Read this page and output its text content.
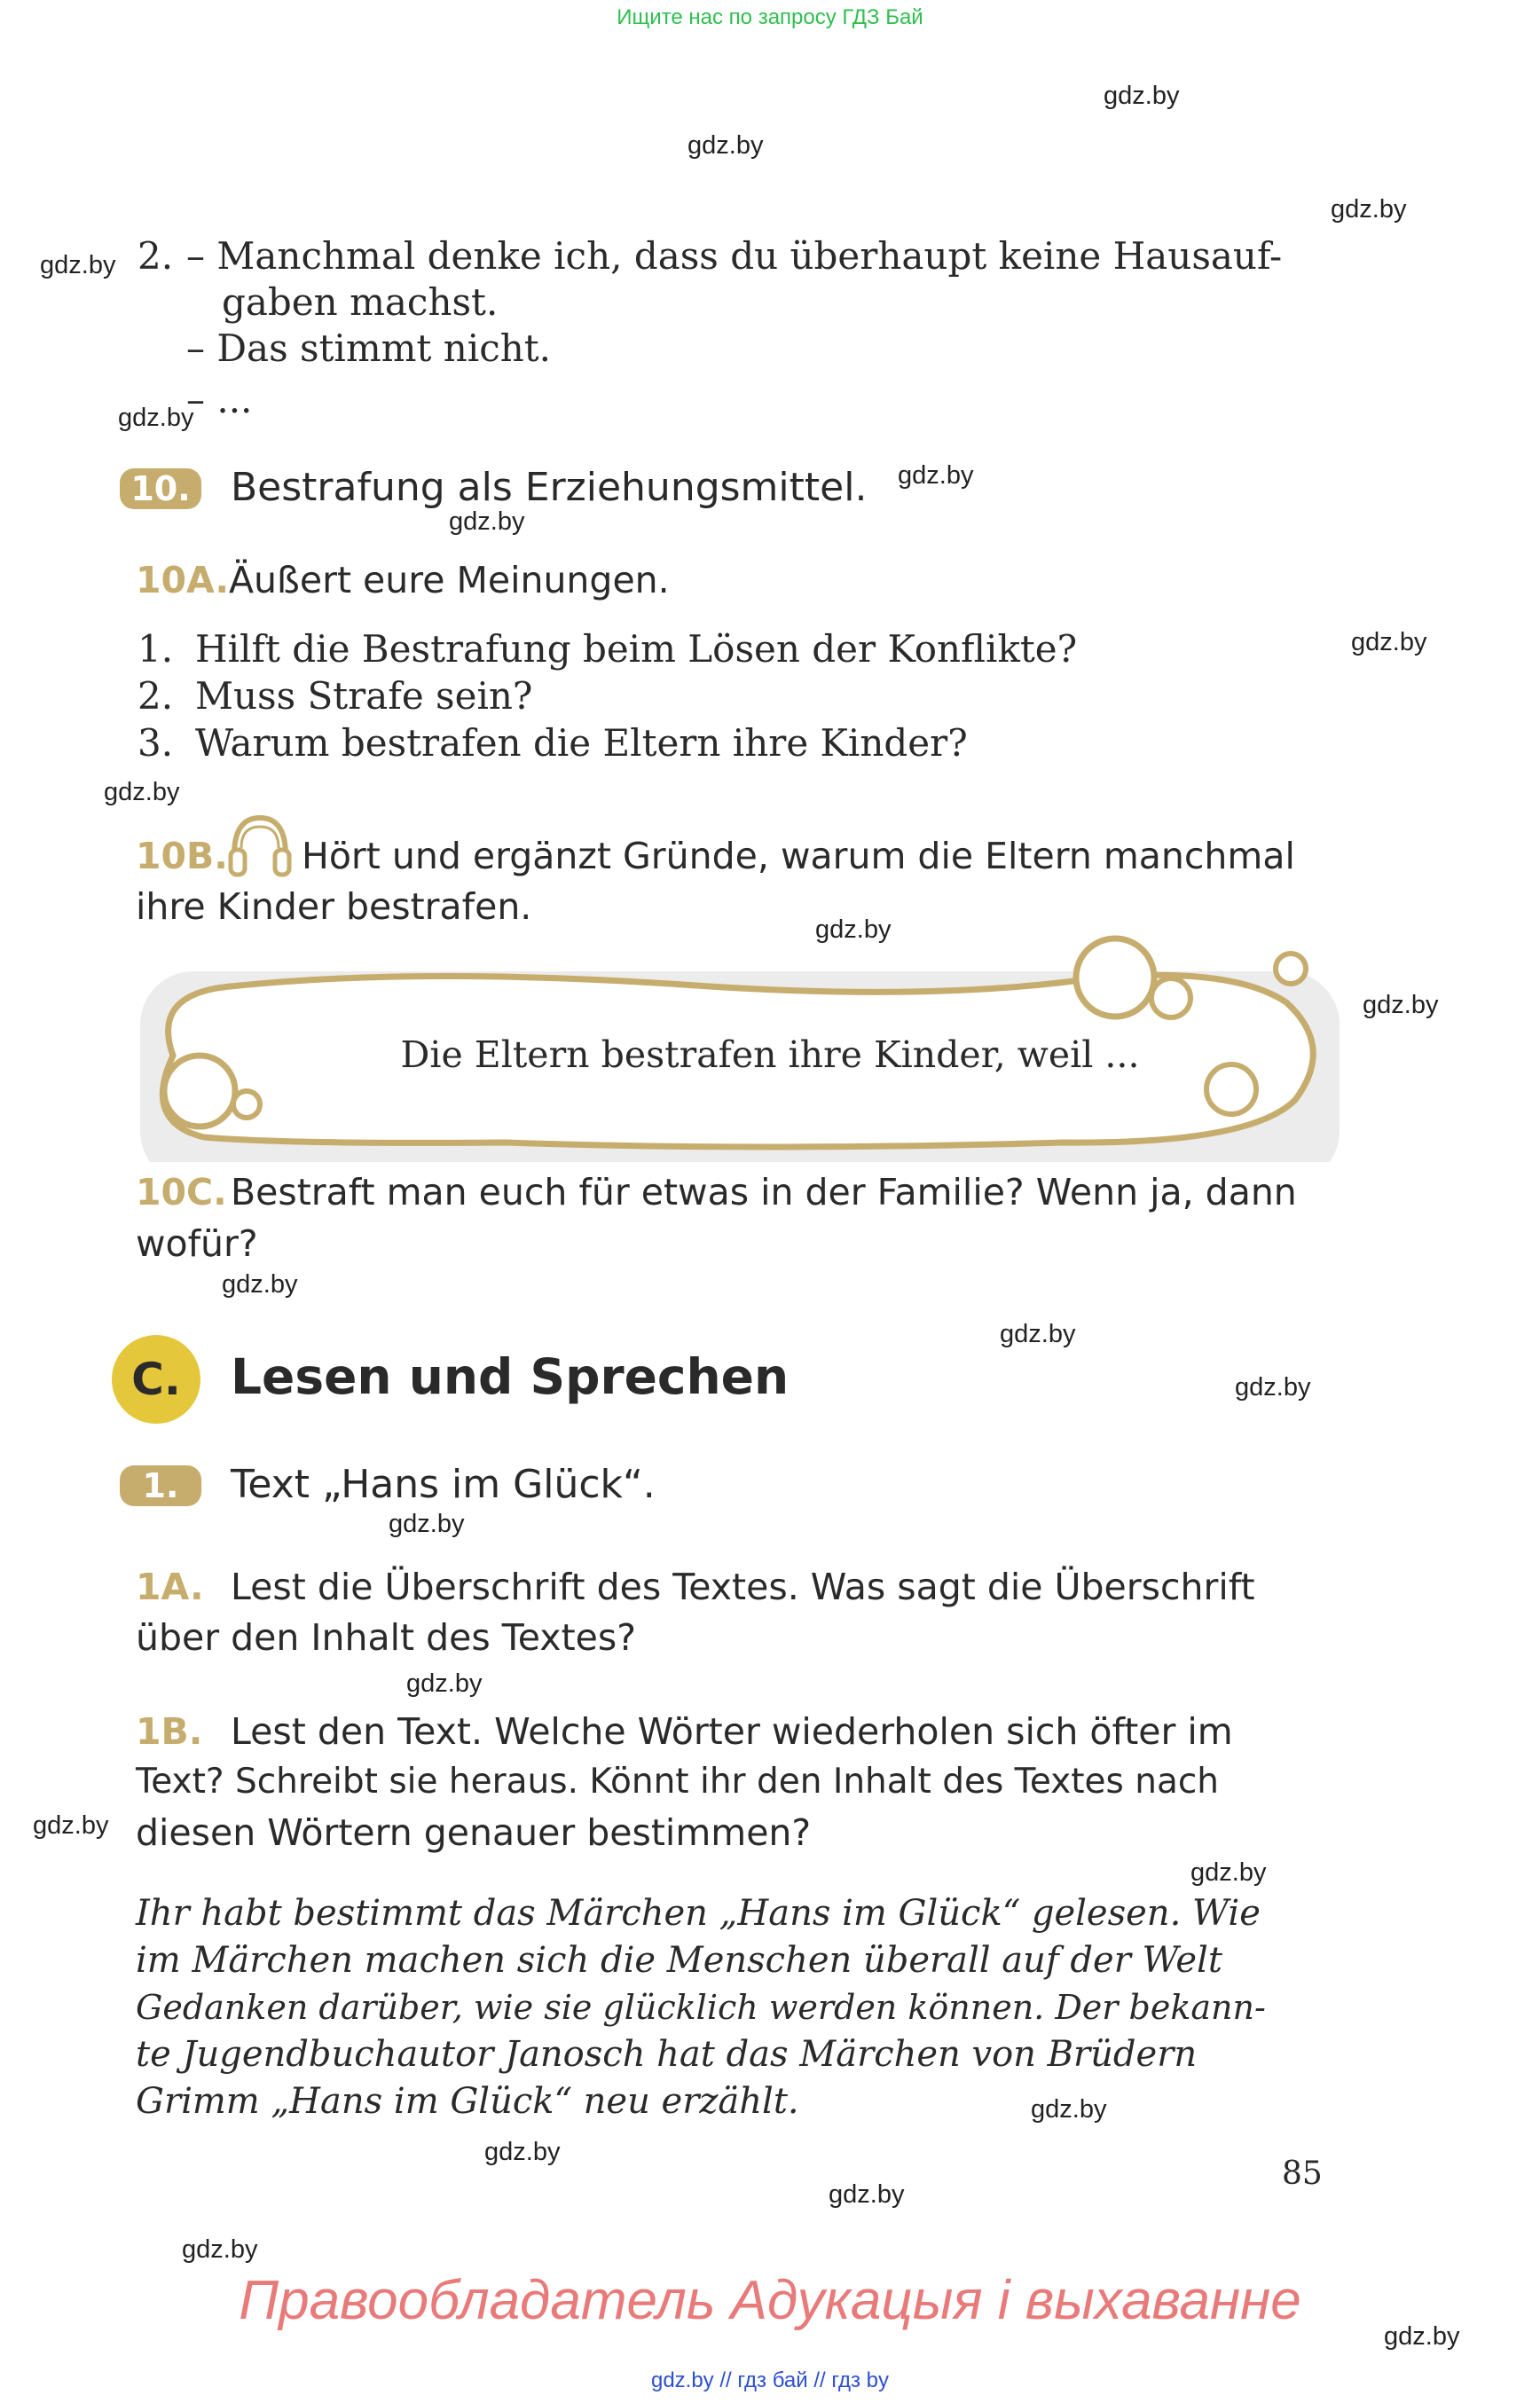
Ищите нас по запросу ГДЗ Бай
gdz.by
gdz.by
gdz.by
gdz.by
gdz.by
gdz.by
gdz.by
gdz.by
gdz.by
gdz.by
gdz.by
gdz.by
gdz.by
gdz.by
gdz.by
gdz.by
gdz.by
gdz.by
gdz.by
gdz.by
gdz.by
gdz.by
gdz.by
2. – Manchmal denke ich, dass du überhaupt keine Hausauf-
gaben machst.
– Das stimmt nicht.
– ...
10. Bestrafung als Erziehungsmittel.
10A. Äußert eure Meinungen.
1. Hilft die Bestrafung beim Lösen der Konflikte?
2. Muss Strafe sein?
3. Warum bestrafen die Eltern ihre Kinder?
10B. Hört und ergänzt Gründe, warum die Eltern manchmal
ihre Kinder bestrafen.
Die Eltern bestrafen ihre Kinder, weil ...
10C. Bestraft man euch für etwas in der Familie? Wenn ja, dann
wofür?
C.	Lesen und Sprechen
1.	Text „Hans im Glück“.
1A. Lest die Überschrift des Textes. Was sagt die Überschrift
über den Inhalt des Textes?
1B. Lest den Text. Welche Wörter wiederholen sich öfter im
Text? Schreibt sie heraus. Könnt ihr den Inhalt des Textes nach
diesen Wörtern genauer bestimmen?
Ihr habt bestimmt das Märchen „Hans im Glück“ gelesen. Wie
im Märchen machen sich die Menschen überall auf der Welt
Gedanken darüber, wie sie glücklich werden können. Der bekann-
te Jugendbuchautor Janosch hat das Märchen von Brüdern
Grimm „Hans im Glück“ neu erzählt.
85
Правообладатель Адукацыя і выхаванне
gdz.by // гдз бай // гдз by
